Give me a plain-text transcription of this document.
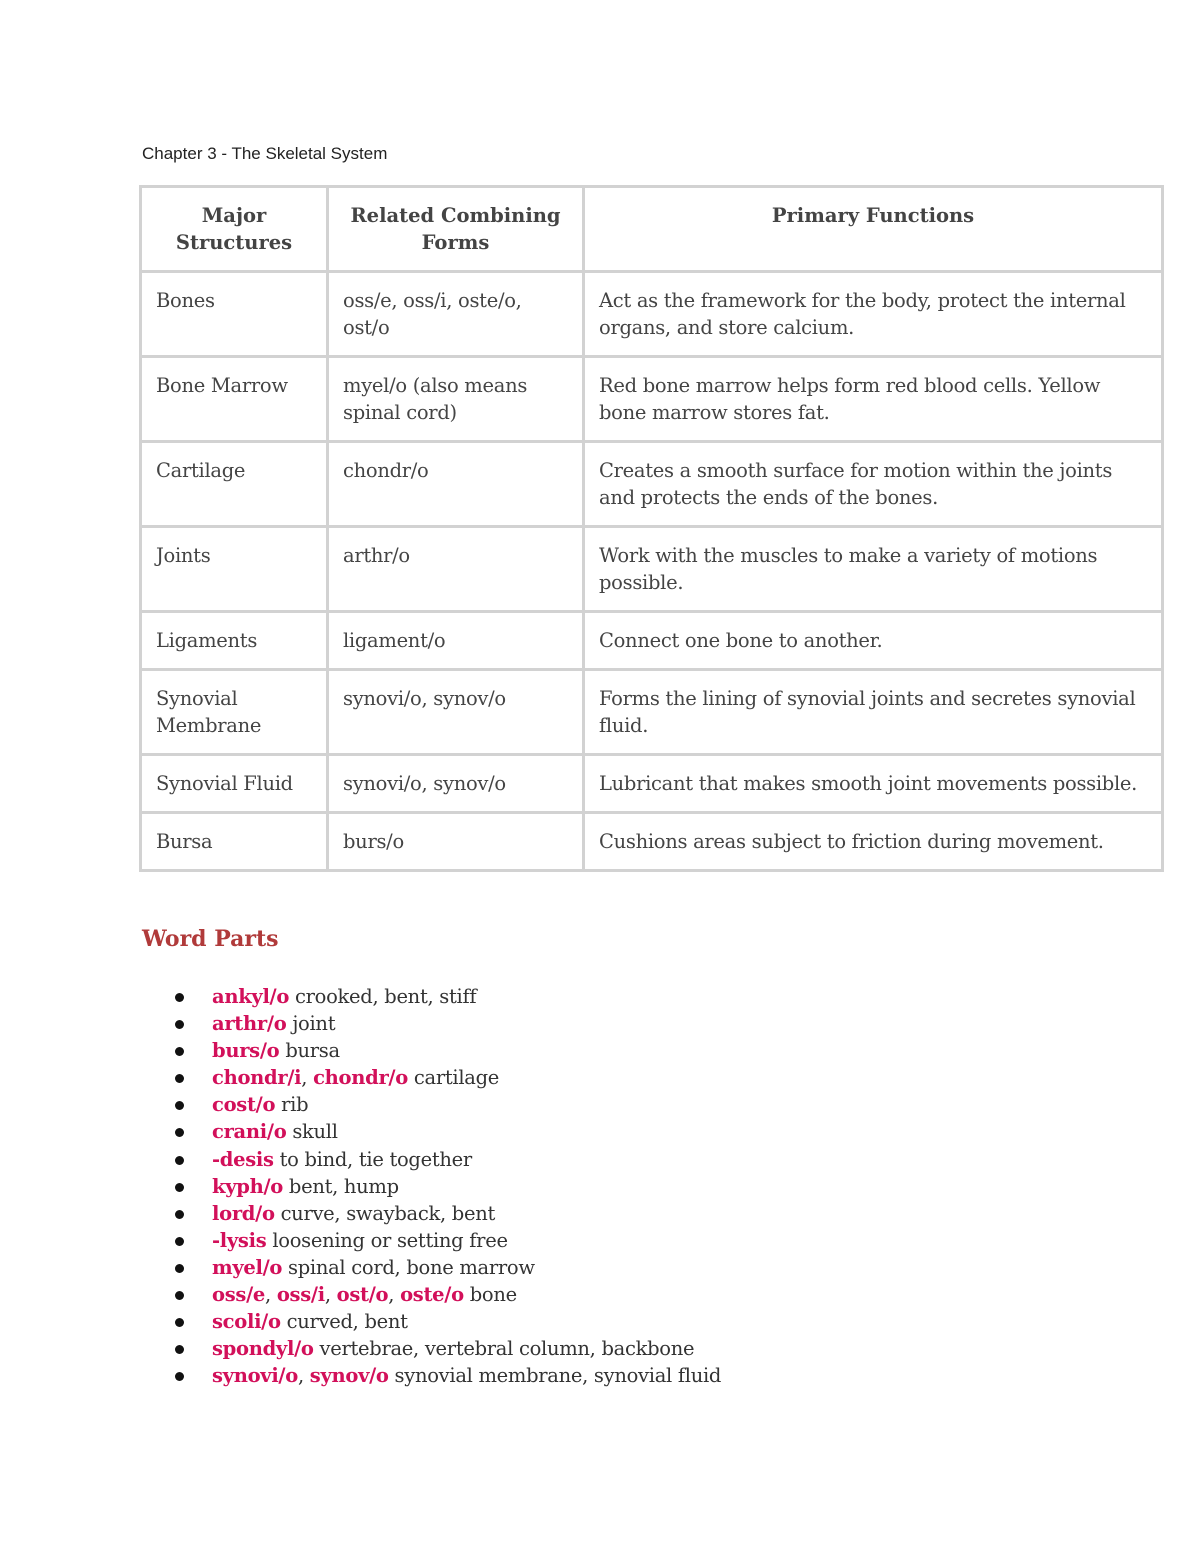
Chapter 3 - The Skeletal System
Major Structures	Related Combining Forms	Primary Functions
Bones	oss/e, oss/i, oste/o, ost/o	Act as the framework for the body, protect the internal organs, and store calcium.
Bone Marrow	myel/o (also means spinal cord)	Red bone marrow helps form red blood cells. Yellow bone marrow stores fat.
Cartilage	chondr/o	Creates a smooth surface for motion within the joints and protects the ends of the bones.
Joints	arthr/o	Work with the muscles to make a variety of motions possible.
Ligaments	ligament/o	Connect one bone to another.
Synovial Membrane	synovi/o, synov/o	Forms the lining of synovial joints and secretes synovial fluid.
Synovial Fluid	synovi/o, synov/o	Lubricant that makes smooth joint movements possible.
Bursa	burs/o	Cushions areas subject to friction during movement.
Word Parts
ankyl/o crooked, bent, stiff
arthr/o joint
burs/o bursa
chondr/i, chondr/o cartilage
cost/o rib
crani/o skull
-desis to bind, tie together
kyph/o bent, hump
lord/o curve, swayback, bent
-lysis loosening or setting free
myel/o spinal cord, bone marrow
oss/e, oss/i, ost/o, oste/o bone
scoli/o curved, bent
spondyl/o vertebrae, vertebral column, backbone
synovi/o, synov/o synovial membrane, synovial fluid
